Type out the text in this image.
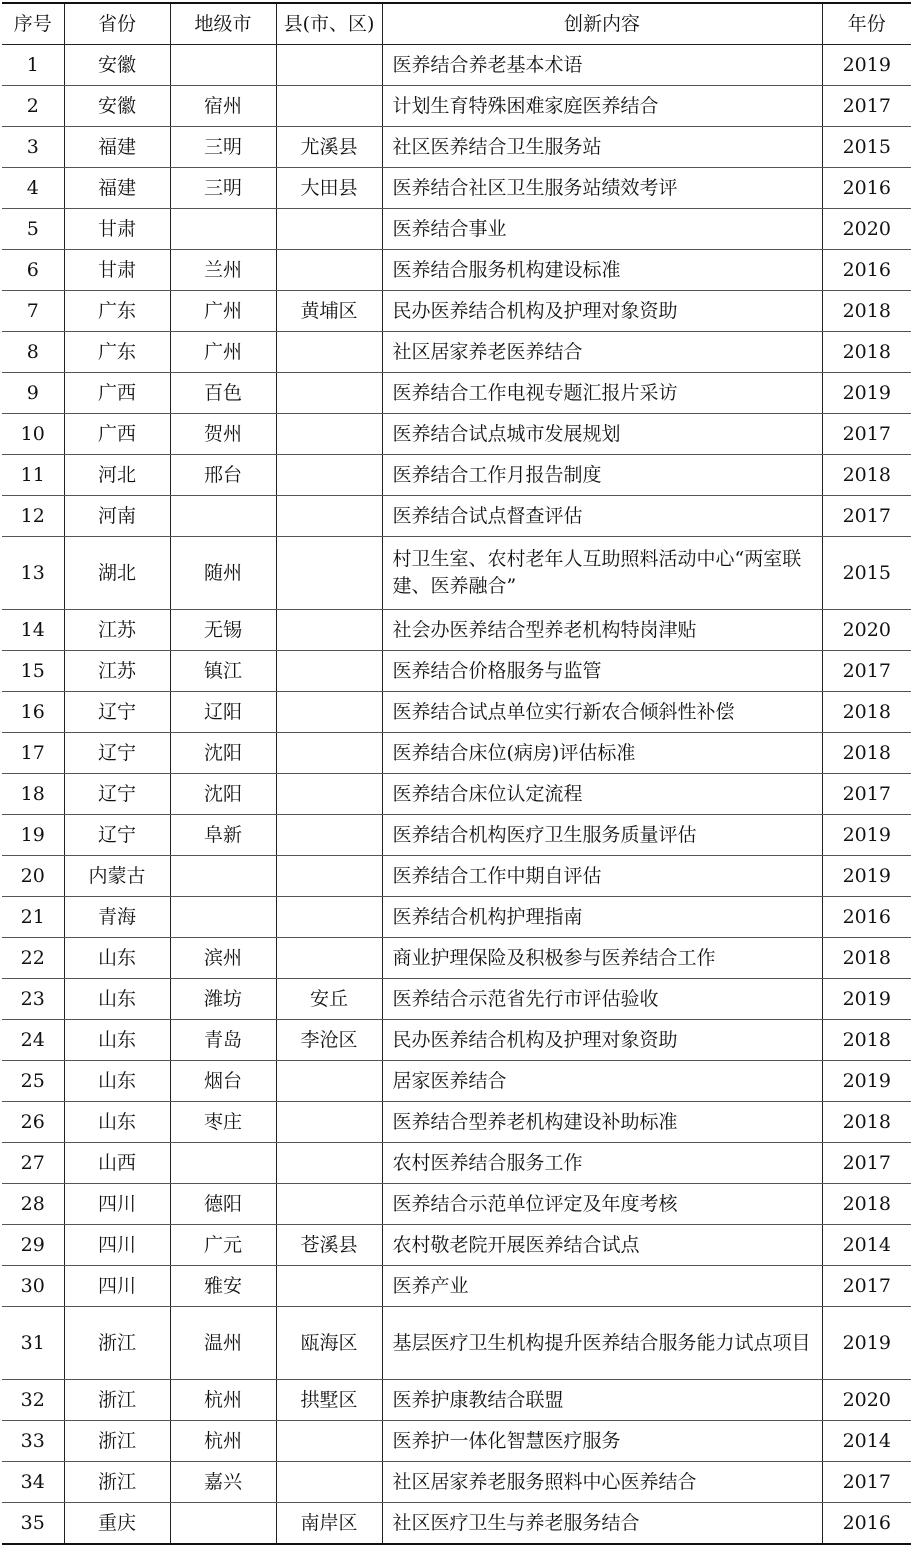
序号	省份	地级市	县(市、区)	创新内容	年份
1	安徽			医养结合养老基本术语	2019
2	安徽	宿州		计划生育特殊困难家庭医养结合	2017
3	福建	三明	尤溪县	社区医养结合卫生服务站	2015
4	福建	三明	大田县	医养结合社区卫生服务站绩效考评	2016
5	甘肃			医养结合事业	2020
6	甘肃	兰州		医养结合服务机构建设标准	2016
7	广东	广州	黄埔区	民办医养结合机构及护理对象资助	2018
8	广东	广州		社区居家养老医养结合	2018
9	广西	百色		医养结合工作电视专题汇报片采访	2019
10	广西	贺州		医养结合试点城市发展规划	2017
11	河北	邢台		医养结合工作月报告制度	2018
12	河南			医养结合试点督查评估	2017
13	湖北	随州		村卫生室、农村老年人互助照料活动中心“两室联建、医养融合”	2015
14	江苏	无锡		社会办医养结合型养老机构特岗津贴	2020
15	江苏	镇江		医养结合价格服务与监管	2017
16	辽宁	辽阳		医养结合试点单位实行新农合倾斜性补偿	2018
17	辽宁	沈阳		医养结合床位(病房)评估标准	2018
18	辽宁	沈阳		医养结合床位认定流程	2017
19	辽宁	阜新		医养结合机构医疗卫生服务质量评估	2019
20	内蒙古			医养结合工作中期自评估	2019
21	青海			医养结合机构护理指南	2016
22	山东	滨州		商业护理保险及积极参与医养结合工作	2018
23	山东	潍坊	安丘	医养结合示范省先行市评估验收	2019
24	山东	青岛	李沧区	民办医养结合机构及护理对象资助	2018
25	山东	烟台		居家医养结合	2019
26	山东	枣庄		医养结合型养老机构建设补助标准	2018
27	山西			农村医养结合服务工作	2017
28	四川	德阳		医养结合示范单位评定及年度考核	2018
29	四川	广元	苍溪县	农村敬老院开展医养结合试点	2014
30	四川	雅安		医养产业	2017
31	浙江	温州	瓯海区	基层医疗卫生机构提升医养结合服务能力试点项目	2019
32	浙江	杭州	拱墅区	医养护康教结合联盟	2020
33	浙江	杭州		医养护一体化智慧医疗服务	2014
34	浙江	嘉兴		社区居家养老服务照料中心医养结合	2017
35	重庆		南岸区	社区医疗卫生与养老服务结合	2016
